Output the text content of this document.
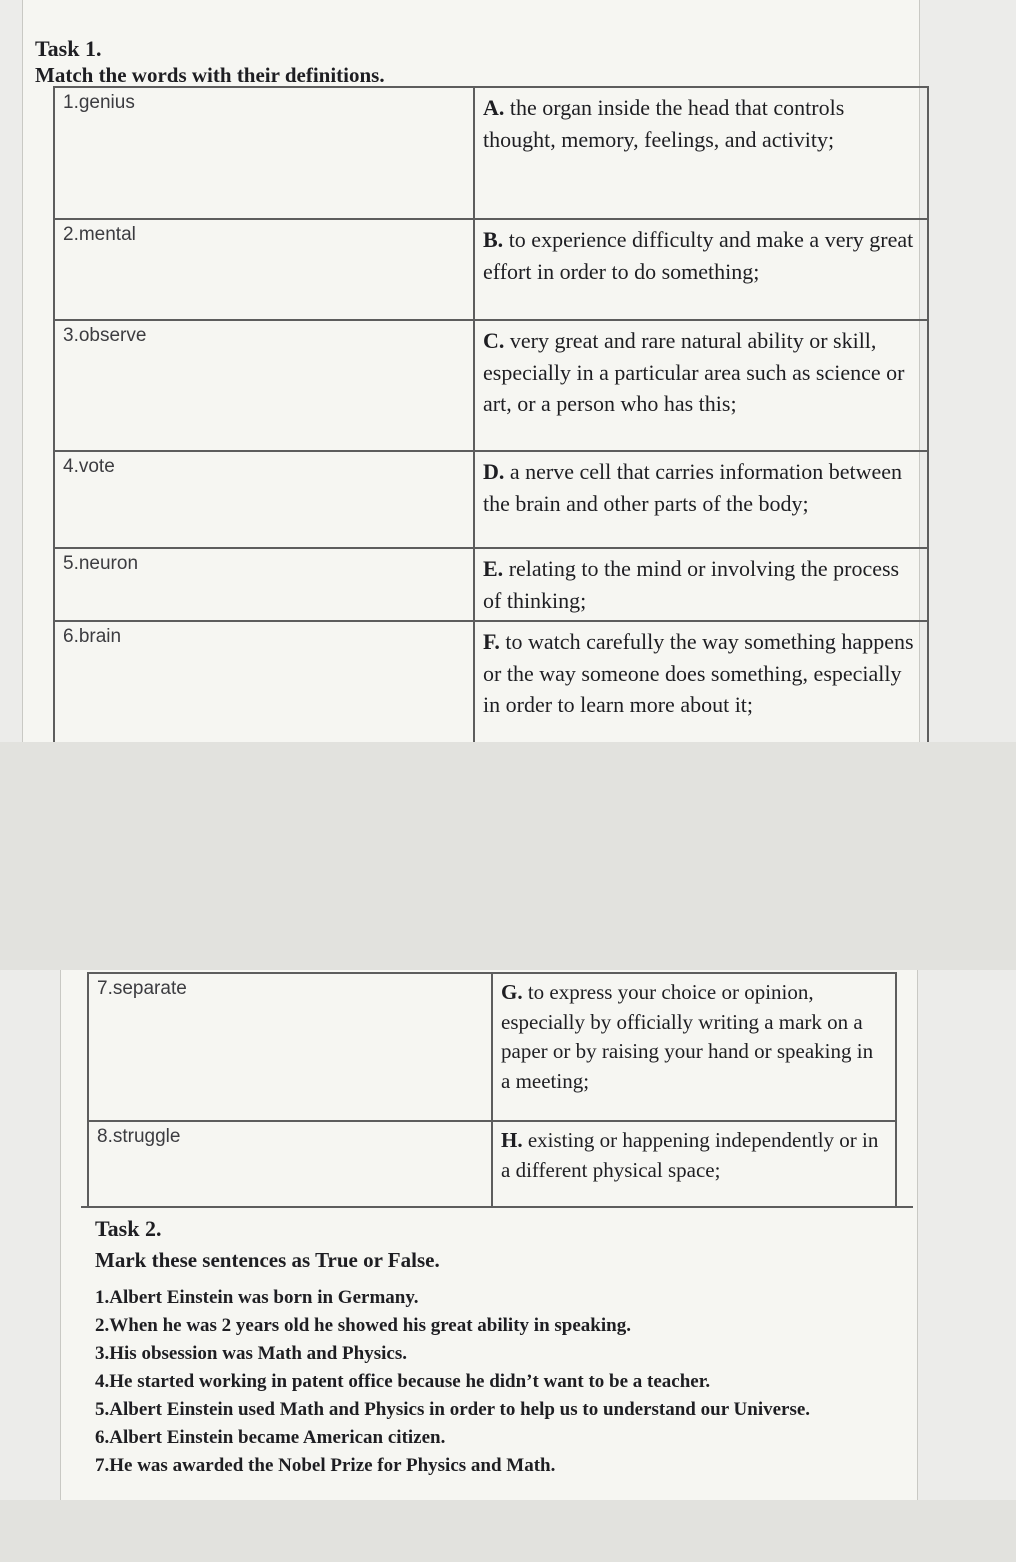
Task 1.
Match the words with their definitions.
1.genius	A. the organ inside the head that controls thought, memory, feelings, and activity;
2.mental	B. to experience difficulty and make a very great effort in order to do something;
3.observe	C. very great and rare natural ability or skill, especially in a particular area such as science or art, or a person who has this;
4.vote	D. a nerve cell that carries information between the brain and other parts of the body;
5.neuron	E. relating to the mind or involving the process of thinking;
6.brain	F. to watch carefully the way something happens or the way someone does something, especially in order to learn more about it;
7.separate	G. to express your choice or opinion, especially by officially writing a mark on a paper or by raising your hand or speaking in a meeting;
8.struggle	H. existing or happening independently or in a different physical space;
Task 2.
Mark these sentences as True or False.
1.Albert Einstein was born in Germany.
2.When he was 2 years old he showed his great ability in speaking.
3.His obsession was Math and Physics.
4.He started working in patent office because he didn’t want to be a teacher.
5.Albert Einstein used Math and Physics in order to help us to understand our Universe.
6.Albert Einstein became American citizen.
7.He was awarded the Nobel Prize for Physics and Math.
